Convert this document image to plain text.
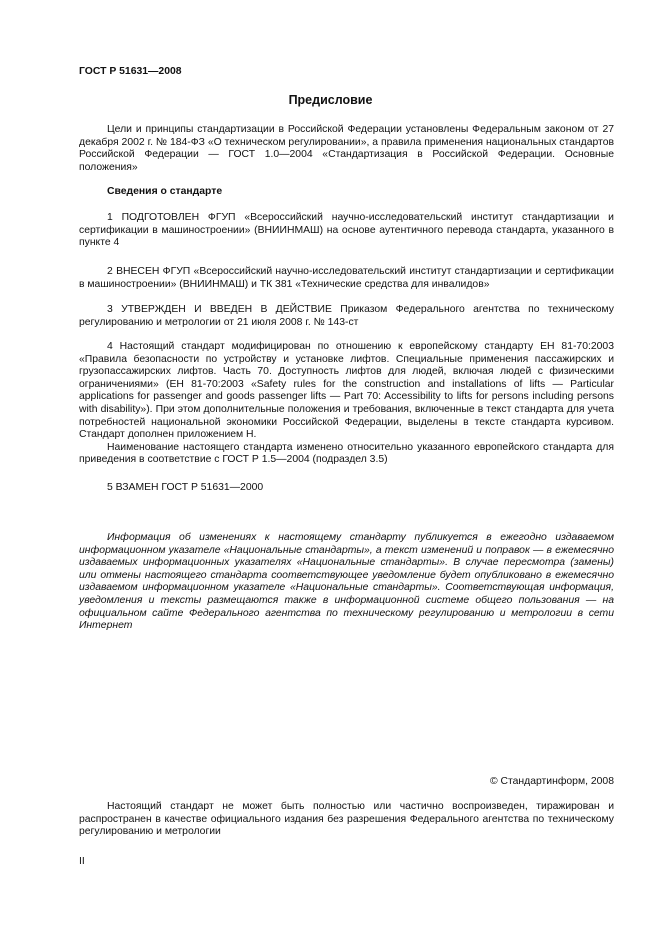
ГОСТ Р 51631—2008
Предисловие

Цели и принципы стандартизации в Российской Федерации установлены Федеральным законом от 27 декабря 2002 г. № 184-ФЗ «О техническом регулировании», а правила применения национальных стандартов Российской Федерации — ГОСТ 1.0—2004 «Стандартизация в Российской Федерации. Основные положения»

Сведения о стандарте

1 ПОДГОТОВЛЕН ФГУП «Всероссийский научно-исследовательский институт стандартизации и сертификации в машиностроении» (ВНИИНМАШ) на основе аутентичного перевода стандарта, указанного в пункте 4

2 ВНЕСЕН ФГУП «Всероссийский научно-исследовательский институт стандартизации и сертификации в машиностроении» (ВНИИНМАШ) и ТК 381 «Технические средства для инвалидов»

3 УТВЕРЖДЕН И ВВЕДЕН В ДЕЙСТВИЕ Приказом Федерального агентства по техническому регулированию и метрологии от 21 июля 2008 г. № 143-ст

4 Настоящий стандарт модифицирован по отношению к европейскому стандарту ЕН 81-70:2003 «Правила безопасности по устройству и установке лифтов. Специальные применения пассажирских и грузопассажирских лифтов. Часть 70. Доступность лифтов для людей, включая людей с физическими ограничениями» (EH 81-70:2003 «Safety rules for the construction and installations of lifts — Particular applications for passenger and goods passenger lifts — Part 70: Accessibility to lifts for persons including persons with disability»). При этом дополнительные положения и требования, включенные в текст стандарта для учета потребностей национальной экономики Российской Федерации, выделены в тексте стандарта курсивом. Стандарт дополнен приложением Н.

Наименование настоящего стандарта изменено относительно указанного европейского стандарта для приведения в соответствие с ГОСТ Р 1.5—2004 (подраздел 3.5)

5 ВЗАМЕН ГОСТ Р 51631—2000

Информация об изменениях к настоящему стандарту публикуется в ежегодно издаваемом информационном указателе «Национальные стандарты», а текст изменений и поправок — в ежемесячно издаваемых информационных указателях «Национальные стандарты». В случае пересмотра (замены) или отмены настоящего стандарта соответствующее уведомление будет опубликовано в ежемесячно издаваемом информационном указателе «Национальные стандарты». Соответствующая информация, уведомления и тексты размещаются также в информационной системе общего пользования — на официальном сайте Федерального агентства по техническому регулированию и метрологии в сети Интернет

© Стандартинформ, 2008

Настоящий стандарт не может быть полностью или частично воспроизведен, тиражирован и распространен в качестве официального издания без разрешения Федерального агентства по техническому регулированию и метрологии

II
